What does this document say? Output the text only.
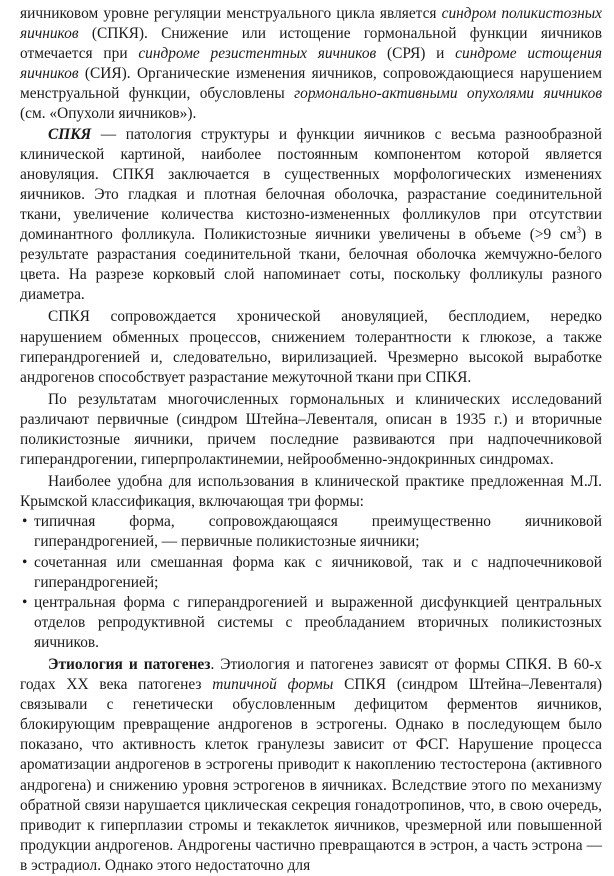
яичниковом уровне регуляции менструального цикла является синдром поликистозных яичников (СПКЯ). Снижение или истощение гормональной функции яичников отмечается при синдроме резистентных яичников (СРЯ) и синдроме истощения яичников (СИЯ). Органические изменения яичников, сопровождающиеся нарушением менструальной функции, обусловлены гормонально-активными опухолями яичников (см. «Опухоли яичников»).

СПКЯ — патология структуры и функции яичников с весьма разнообразной клинической картиной, наиболее постоянным компонентом которой является ановуляция. СПКЯ заключается в существенных морфологических изменениях яичников. Это гладкая и плотная белочная оболочка, разрастание соединительной ткани, увеличение количества кистозно-измененных фолликулов при отсутствии доминантного фолликула. Поликистозные яичники увеличены в объеме (>9 $см^3$) в результате разрастания соединительной ткани, белочная оболочка жемчужно-белого цвета. На разрезе корковый слой напоминает соты, поскольку фолликулы разного диаметра.

СПКЯ сопровождается хронической ановуляцией, бесплодием, нередко нарушением обменных процессов, снижением толерантности к глюкозе, а также гиперандрогенией и, следовательно, вирилизацией. Чрезмерно высокой выработке андрогенов способствует разрастание межуточной ткани при СПКЯ.

По результатам многочисленных гормональных и клинических исследований различают первичные (синдром Штейна–Левенталя, описан в 1935 г.) и вторичные поликистозные яичники, причем последние развиваются при надпочечниковой гиперандрогении, гиперпролактинемии, нейрообменно-эндокринных синдромах.

Наиболее удобна для использования в клинической практике предложенная М.Л. Крымской классификация, включающая три формы:

• типичная форма, сопровождающаяся преимущественно яичниковой гиперандрогенией, — первичные поликистозные яичники;
• сочетанная или смешанная форма как с яичниковой, так и с надпочечниковой гиперандрогенией;
• центральная форма с гиперандрогенией и выраженной дисфункцией центральных отделов репродуктивной системы с преобладанием вторичных поликистозных яичников.

Этиология и патогенез. Этиология и патогенез зависят от формы СПКЯ. В 60-х годах XX века патогенез типичной формы СПКЯ (синдром Штейна–Левенталя) связывали с генетически обусловленным дефицитом ферментов яичников, блокирующим превращение андрогенов в эстрогены. Однако в последующем было показано, что активность клеток гранулезы зависит от ФСГ. Нарушение процесса ароматизации андрогенов в эстрогены приводит к накоплению тестостерона (активного андрогена) и снижению уровня эстрогенов в яичниках. Вследствие этого по механизму обратной связи нарушается циклическая секреция гонадотропинов, что, в свою очередь, приводит к гиперплазии стромы и текаклеток яичников, чрезмерной или повышенной продукции андрогенов. Андрогены частично превращаются в эстрон, а часть эстрона — в эстрадиол. Однако этого недостаточно для
